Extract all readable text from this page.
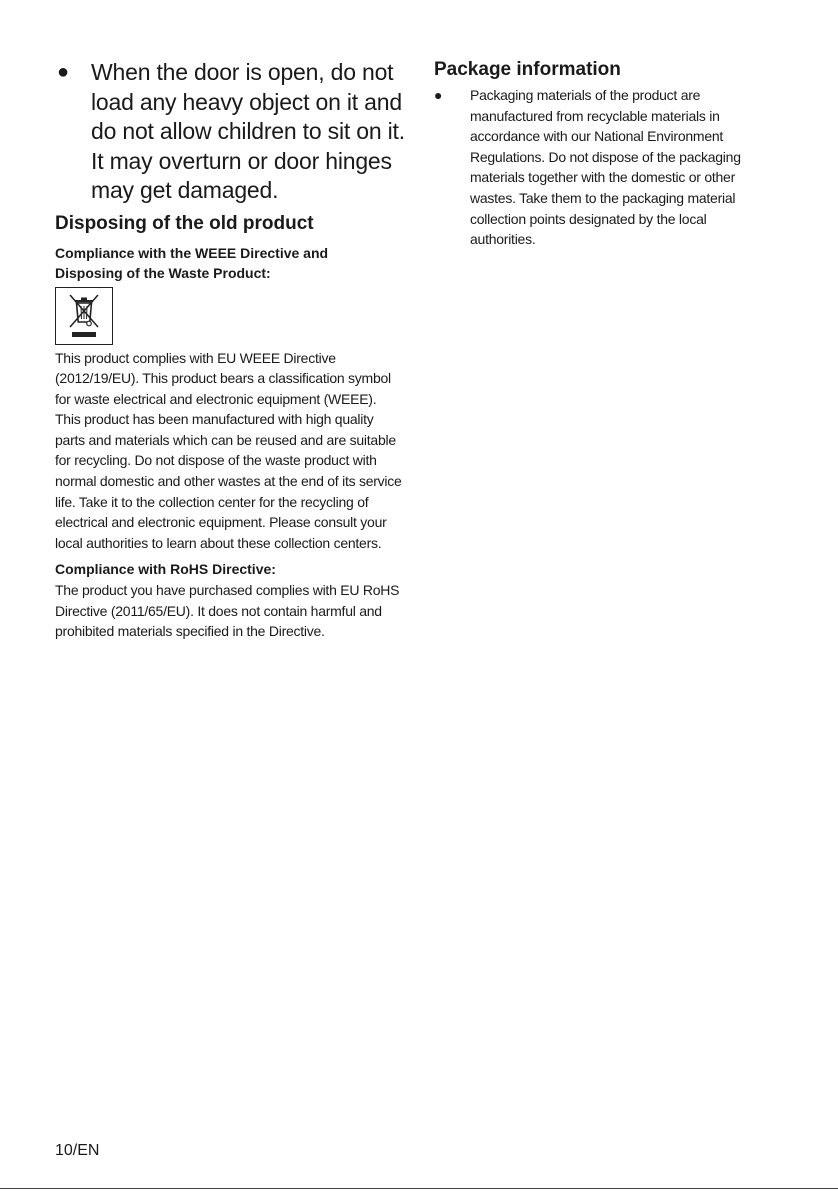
● When the door is open, do not load any heavy object on it and do not allow children to sit on it. It may overturn or door hinges may get damaged.
Disposing of the old product
Compliance with the WEEE Directive and
Disposing of the Waste Product:

This product complies with EU WEEE Directive (2012/19/EU). This product bears a classification symbol for waste electrical and electronic equipment (WEEE).

This product has been manufactured with high quality parts and materials which can be reused and are suitable for recycling. Do not dispose of the waste product with normal domestic and other wastes at the end of its service life. Take it to the collection center for the recycling of electrical and electronic equipment. Please consult your local authorities to learn about these collection centers.

Compliance with RoHS Directive:

The product you have purchased complies with EU RoHS Directive (2011/65/EU). It does not contain harmful and prohibited materials specified in the Directive.

Package information
● Packaging materials of the product are manufactured from recyclable materials in accordance with our National Environment Regulations. Do not dispose of the packaging materials together with the domestic or other wastes. Take them to the packaging material collection points designated by the local authorities.

10/EN
